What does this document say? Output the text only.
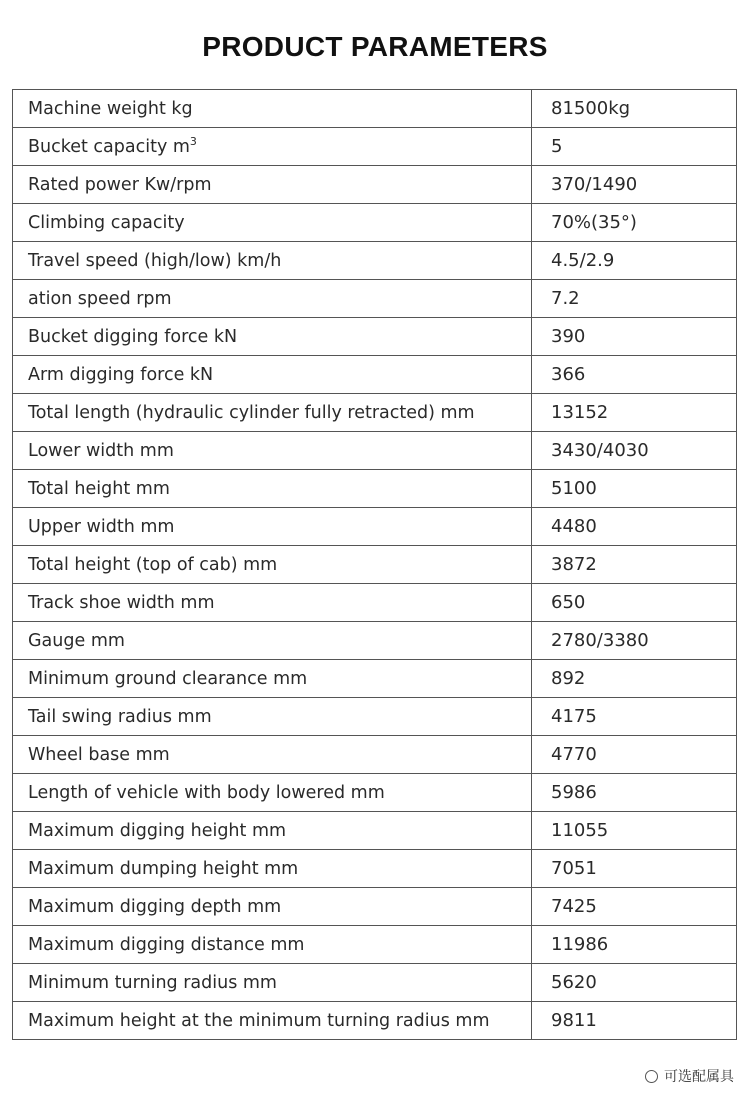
PRODUCT PARAMETERS
Machine weight kg	81500kg
Bucket capacity $m^3$	5
Rated power Kw/rpm	370/1490
Climbing capacity	70%(35°)
Travel speed (high/low) km/h	4.5/2.9
ation speed rpm	7.2
Bucket digging force kN	390
Arm digging force kN	366
Total length (hydraulic cylinder fully retracted) mm	13152
Lower width mm	3430/4030
Total height mm	5100
Upper width mm	4480
Total height (top of cab) mm	3872
Track shoe width mm	650
Gauge mm	2780/3380
Minimum ground clearance mm	892
Tail swing radius mm	4175
Wheel base mm	4770
Length of vehicle with body lowered mm	5986
Maximum digging height mm	11055
Maximum dumping height mm	7051
Maximum digging depth mm	7425
Maximum digging distance mm	11986
Minimum turning radius mm	5620
Maximum height at the minimum turning radius mm	9811
可选配属具
